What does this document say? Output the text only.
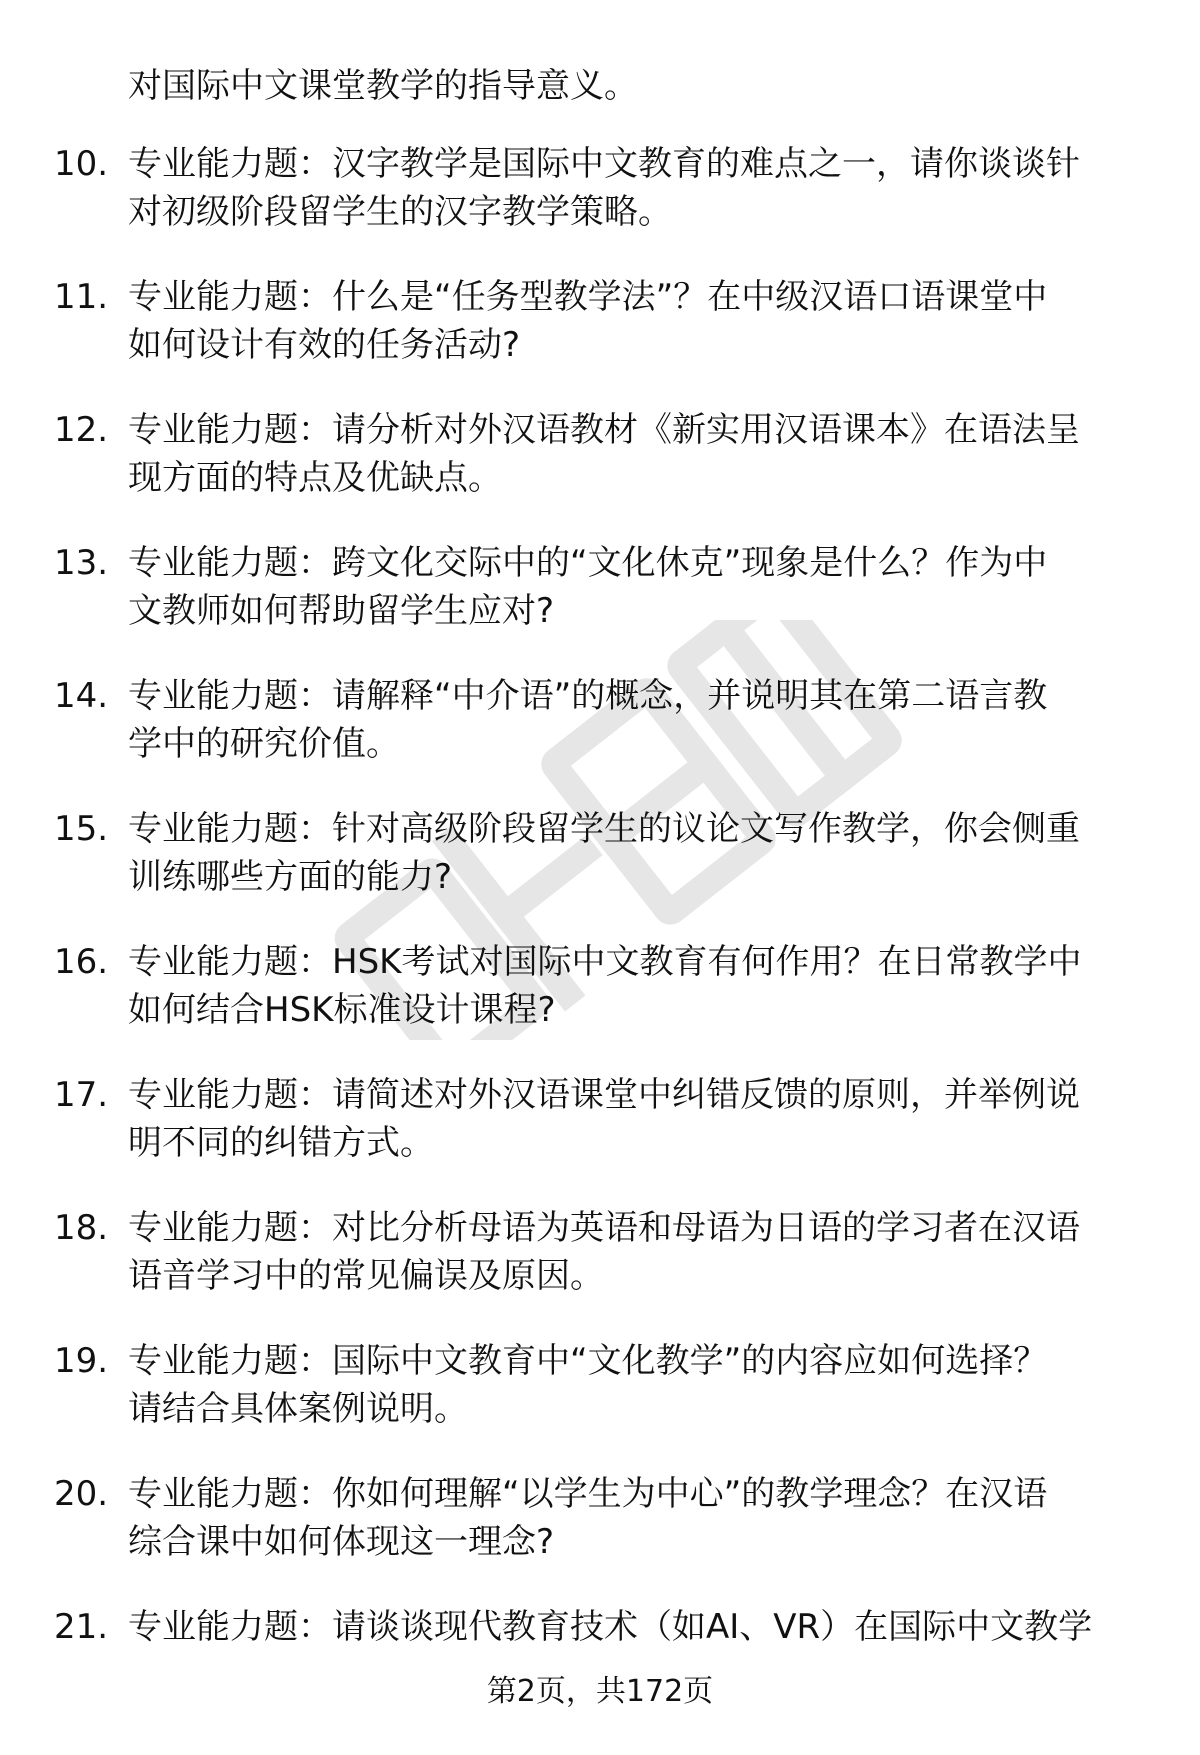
对国际中文课堂教学的指导意义。
10. 专业能力题：汉字教学是国际中文教育的难点之一，请你谈谈针
对初级阶段留学生的汉字教学策略。
11. 专业能力题：什么是“任务型教学法”？在中级汉语口语课堂中
如何设计有效的任务活动?
12. 专业能力题：请分析对外汉语教材《新实用汉语课本》在语法呈
现方面的特点及优缺点。
13. 专业能力题：跨文化交际中的“文化休克”现象是什么？作为中
文教师如何帮助留学生应对?
14. 专业能力题：请解释“中介语”的概念，并说明其在第二语言教
学中的研究价值。
15. 专业能力题：针对高级阶段留学生的议论文写作教学，你会侧重
训练哪些方面的能力?
16. 专业能力题：HSK考试对国际中文教育有何作用？在日常教学中
如何结合HSK标准设计课程?
17. 专业能力题：请简述对外汉语课堂中纠错反馈的原则，并举例说
明不同的纠错方式。
18. 专业能力题：对比分析母语为英语和母语为日语的学习者在汉语
语音学习中的常见偏误及原因。
19. 专业能力题：国际中文教育中“文化教学”的内容应如何选择？
请结合具体案例说明。
20. 专业能力题：你如何理解“以学生为中心”的教学理念？在汉语
综合课中如何体现这一理念?
21. 专业能力题：请谈谈现代教育技术（如AI、VR）在国际中文教学
第2页，共172页
